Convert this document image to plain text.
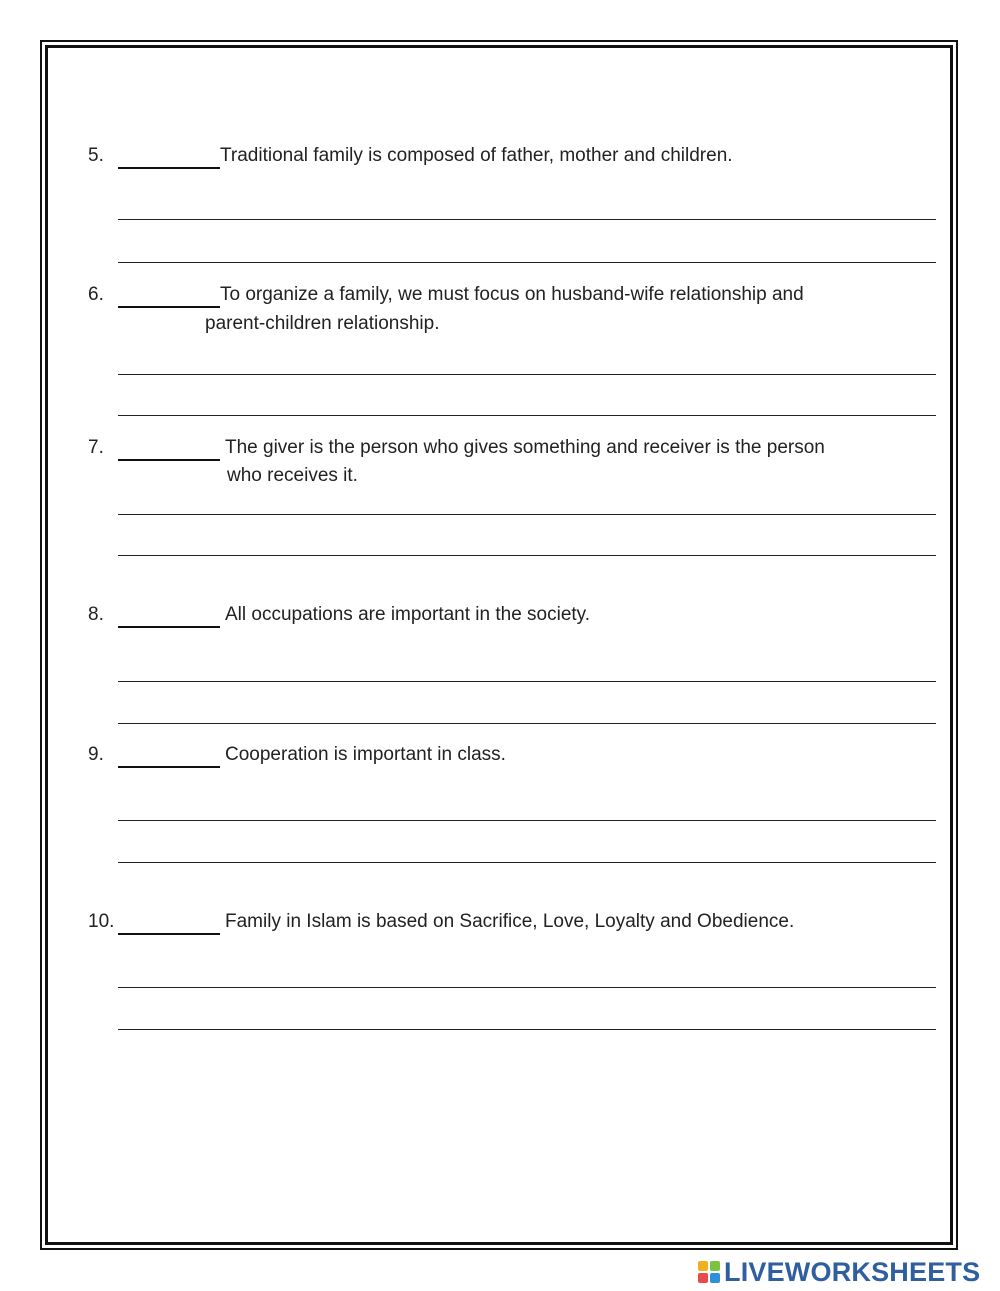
5.	Traditional family is composed of father, mother and children.
6.	To organize a family, we must focus on husband-wife relationship and
parent-children relationship.
7.	The giver is the person who gives something and receiver is the person
who receives it.
8.	All occupations are important in the society.
9.	Cooperation is important in class.
10.	Family in Islam is based on Sacrifice, Love, Loyalty and Obedience.
LIVEWORKSHEETS
